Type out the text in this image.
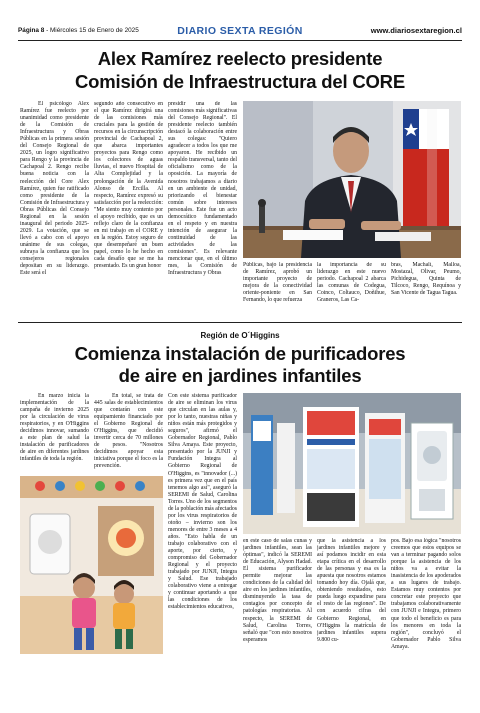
Página 8 - Miércoles 15 de Enero de 2025	DIARIO SEXTA REGIÓN	www.diariosextaregion.cl
Alex Ramírez reelecto presidente
Comisión de Infraestructura del CORE

El psicólogo Alex Ramírez fue reelecto por unanimidad como presidente de la Comisión de Infraestructura y Obras Públicas en la primera sesión del Consejo Regional de 2025, un logro significativo para Rengo y la provincia de Cachapoal 2. Rengo recibe buena noticia con la reelección del Core Alex Ramírez, quien fue ratificado como presidente de la Comisión de Infraestructura y Obras Públicas del Consejo Regional en la sesión inaugural del periodo 2025-2029. La votación, que se llevó a cabo con el apoyo unánime de sus colegas, subraya la confianza que los consejeros regionales depositan en su liderazgo. Este será el

segundo año consecutivo en el que Ramírez dirigirá una de las comisiones más cruciales para la gestión de recursos en la circunscripción provincial de Cachapoal 2, que abarca importantes proyectos para Rengo como los colectores de aguas lluvias, el nuevo Hospital de Alta Complejidad y la prolongación de la Avenida Alonso de Ercilla. Al respecto, Ramírez expresó su satisfacción por la reelección: "Me siento muy contento por el apoyo recibido, que es un reflejo claro de la confianza en mi trabajo en el CORE y en la región. Estoy seguro de que desempeñaré un buen papel, como lo he hecho en cada desafío que se me ha presentado. Es un gran honor

presidir una de las comisiones más significativas del Consejo Regional". El presidente reelecto también destacó la colaboración entre sus colegas: "Quiero agradecer a todos los que me apoyaron. He recibido un respaldo transversal, tanto del oficialismo como de la oposición. La mayoría de nosotros trabajamos a diario en un ambiente de unidad, priorizando el bienestar común sobre intereses personales. Este fue un acto democrático fundamentado en el respeto y en nuestra intención de asegurar la continuidad de las actividades de las comisiones". Es relevante mencionar que, en el último mes, la Comisión de Infraestructura y Obras

Públicas, bajo la presidencia de Ramírez, aprobó un importante proyecto de mejora de la conectividad oriente-poniente en San Fernando, lo que refuerza

la importancia de su liderazgo en este nuevo periodo. Cachapoal 2 abarca las comunas de Codegua, Coinco, Coltauco, Doñihue, Graneros, Las Ca-

bras, Machalí, Malloa, Mostazal, Olivar, Peumo, Pichidegua, Quinta de Tilcoco, Rengo, Requínoa y San Vicente de Tagua Tagua.

Región de O´Higgins
Comienza instalación de purificadores
de aire en jardines infantiles

En marzo inicia la implementación de la campaña de invierno 2025 por la circulación de virus respiratorios, y en O'Higgins decidimos innovar, sumando a este plan de salud la instalación de purificadores de aire en diferentes jardines infantiles de toda la región.

En total, se trata de 445 salas de establecimientos que contarán con este equipamiento financiado por el Gobierno Regional de O'Higgins, que decidió invertir cerca de 70 millones de pesos. "Nosotros decidimos apoyar esta iniciativa porque el foco es la prevención.

Con este sistema purificador de aire se eliminan los virus que circulan en las aulas y, por lo tanto, nuestras niñas y niños están más protegidos y seguros", afirmó el Gobernador Regional, Pablo Silva Amaya. Este proyecto, presentado por la JUNJI y Fundación Integra al Gobierno Regional de O'Higgins, es "innovador (...) es primera vez que en el país tenemos algo así", aseguró la SEREMI de Salud, Carolina Torres. Uno de los segmentos de la población más afectados por los virus respiratorios de otoño – invierno son los menores de entre 3 meses a 4 años. "Esto habla de un trabajo colaborativo con el aporte, por cierto, y compromiso del Gobernador Regional y el proyecto trabajado por JUNJI, Integra y Salud. Ese trabajado colaborativo viene a entregar y continuar aportando a que las condiciones de los establecimientos educativos,

en este caso de salas cunas y jardines infantiles, sean las óptimas", indicó la SEREMI de Educación, Alyson Hadad. El sistema purificador permite mejorar las condiciones de la calidad del aire en los jardines infantiles, disminuyendo la tasa de contagios por concepto de patologías respiratorias. Al respecto, la SEREMI de Salud, Carolina Torres, señaló que "con esto nosotros esperamos

que la asistencia a los jardines infantiles mejore y así podamos incidir en esta etapa crítica en el desarrollo de las personas y esa es la apuesta que nosotros estamos tomando hoy día. Ojalá que, obteniendo resultados, esto pueda luego expandirse para el resto de las regiones". De con acuerdo cifras del Gobierno Regional, en O'Higgins la matrícula de jardines infantiles supera 9.800 cu-

pos. Bajo esa lógica "nosotros creemos que estos equipos se van a terminar pagando solos porque la asistencia de los niños va a evitar la inasistencia de los apoderados a sus lugares de trabajo. Estamos muy contentos por concretar este proyecto que trabajamos colaborativamente con JUNJI e Integra, primero que todo el beneficio es para los menores en toda la región", concluyó el Gobernador Pablo Silva Amaya.
